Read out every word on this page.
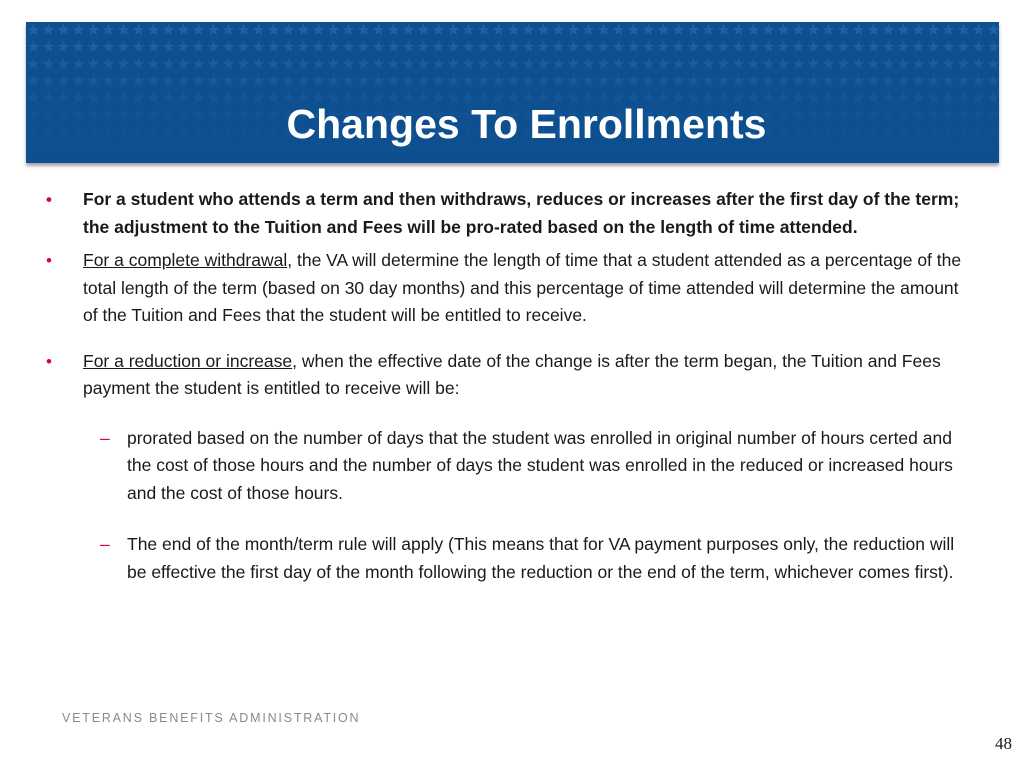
Changes To Enrollments

• For a student who attends a term and then withdraws, reduces or increases after the first day of the term; the adjustment to the Tuition and Fees will be pro-rated based on the length of time attended.

• For a complete withdrawal, the VA will determine the length of time that a student attended as a percentage of the total length of the term (based on 30 day months) and this percentage of time attended will determine the amount of the Tuition and Fees that the student will be entitled to receive.

• For a reduction or increase, when the effective date of the change is after the term began, the Tuition and Fees payment the student is entitled to receive will be:

– prorated based on the number of days that the student was enrolled in original number of hours certed and the cost of those hours and the number of days the student was enrolled in the reduced or increased hours and the cost of those hours.

– The end of the month/term rule will apply (This means that for VA payment purposes only, the reduction will be effective the first day of the month following the reduction or the end of the term, whichever comes first).

VETERANS BENEFITS ADMINISTRATION
48
